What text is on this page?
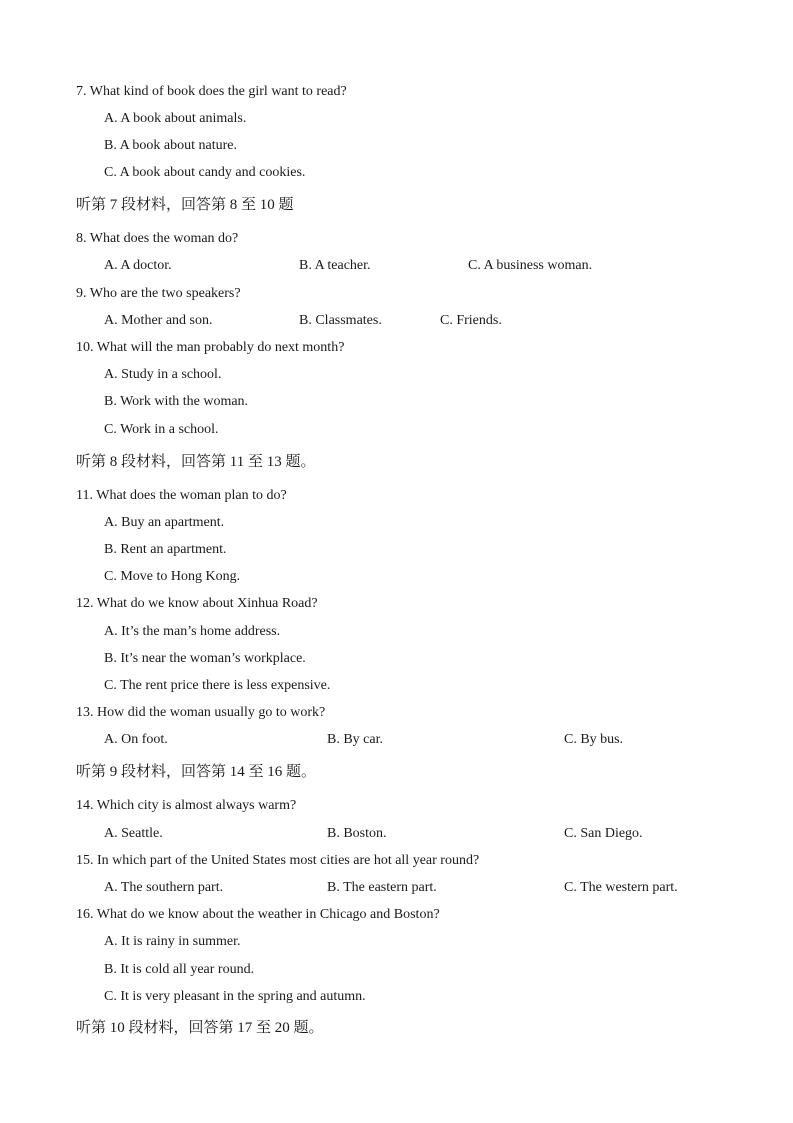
7. What kind of book does the girl want to read?
A. A book about animals.
B. A book about nature.
C. A book about candy and cookies.
听第 7 段材料，回答第 8 至 10 题
8. What does the woman do?
A. A doctor.	B. A teacher.	C. A business woman.
9. Who are the two speakers?
A. Mother and son.	B. Classmates.	C. Friends.
10. What will the man probably do next month?
A. Study in a school.
B. Work with the woman.
C. Work in a school.
听第 8 段材料，回答第 11 至 13 题。
11. What does the woman plan to do?
A. Buy an apartment.
B. Rent an apartment.
C. Move to Hong Kong.
12. What do we know about Xinhua Road?
A. It’s the man’s home address.
B. It’s near the woman’s workplace.
C. The rent price there is less expensive.
13. How did the woman usually go to work?
A. On foot.	B. By car.	C. By bus.
听第 9 段材料，回答第 14 至 16 题。
14. Which city is almost always warm?
A. Seattle.	B. Boston.	C. San Diego.
15. In which part of the United States most cities are hot all year round?
A. The southern part.	B. The eastern part.	C. The western part.
16. What do we know about the weather in Chicago and Boston?
A. It is rainy in summer.
B. It is cold all year round.
C. It is very pleasant in the spring and autumn.
听第 10 段材料，回答第 17 至 20 题。
